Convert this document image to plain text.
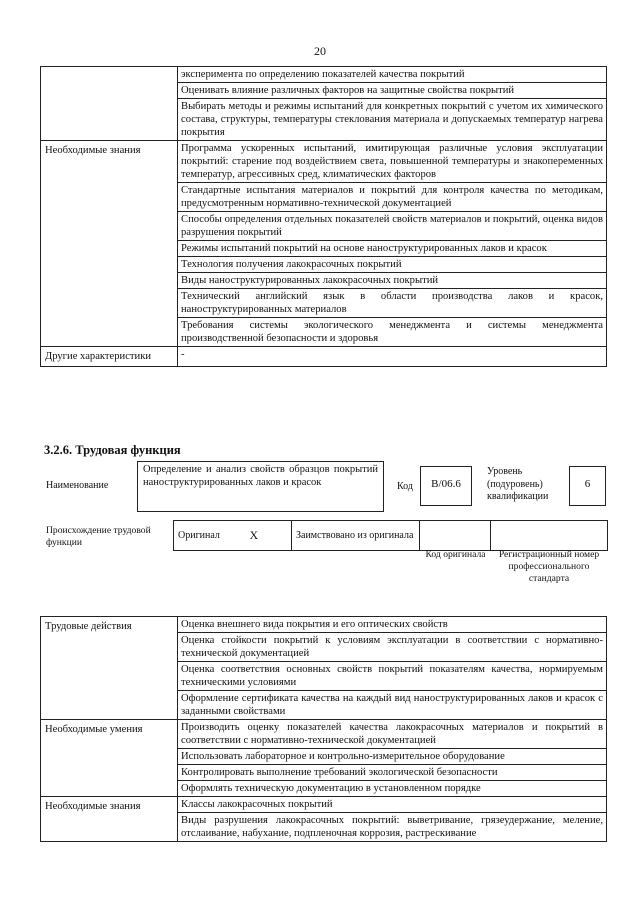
20
	эксперимента по определению показателей качества покрытий
	Оценивать влияние различных факторов на защитные свойства покрытий
	Выбирать методы и режимы испытаний для конкретных покрытий с учетом их химического состава, структуры, температуры стеклования материала и допускаемых температур нагрева покрытия
Необходимые знания	Программа ускоренных испытаний, имитирующая различные условия эксплуатации покрытий: старение под воздействием света, повышенной температуры и знакопеременных температур, агрессивных сред, климатических факторов
	Стандартные испытания материалов и покрытий для контроля качества по методикам, предусмотренным нормативно-технической документацией
	Способы определения отдельных показателей свойств материалов и покрытий, оценка видов разрушения покрытий
	Режимы испытаний покрытий на основе наноструктурированных лаков и красок
	Технология получения лакокрасочных покрытий
	Виды наноструктурированных лакокрасочных покрытий
	Технический английский язык в области производства лаков и красок, наноструктурированных материалов
	Требования системы экологического менеджмента и системы менеджмента производственной безопасности и здоровья
Другие характеристики	-
3.2.6. Трудовая функция
Наименование
Определение и анализ свойств образцов покрытий наноструктурированных лаков и красок	Код	B/06.6
Уровень
(подуровень)
квалификации
6
Происхождение трудовой функции
Оригинал	X	Заимствовано из оригинала		
Код оригинала	Регистрационный номер профессионального стандарта
Трудовые действия	Оценка внешнего вида покрытия и его оптических свойств
	Оценка стойкости покрытий к условиям эксплуатации в соответствии с нормативно-технической документацией
	Оценка соответствия основных свойств покрытий показателям качества, нормируемым техническими условиями
	Оформление сертификата качества на каждый вид наноструктурированных лаков и красок с заданными свойствами
Необходимые умения	Производить оценку показателей качества лакокрасочных материалов и покрытий в соответствии с нормативно-технической документацией
	Использовать лабораторное и контрольно-измерительное оборудование
	Контролировать выполнение требований экологической безопасности
	Оформлять техническую документацию в установленном порядке
Необходимые знания	Классы лакокрасочных покрытий
	Виды разрушения лакокрасочных покрытий: выветривание, грязеудержание, меление, отслаивание, набухание, подпленочная коррозия, растрескивание
